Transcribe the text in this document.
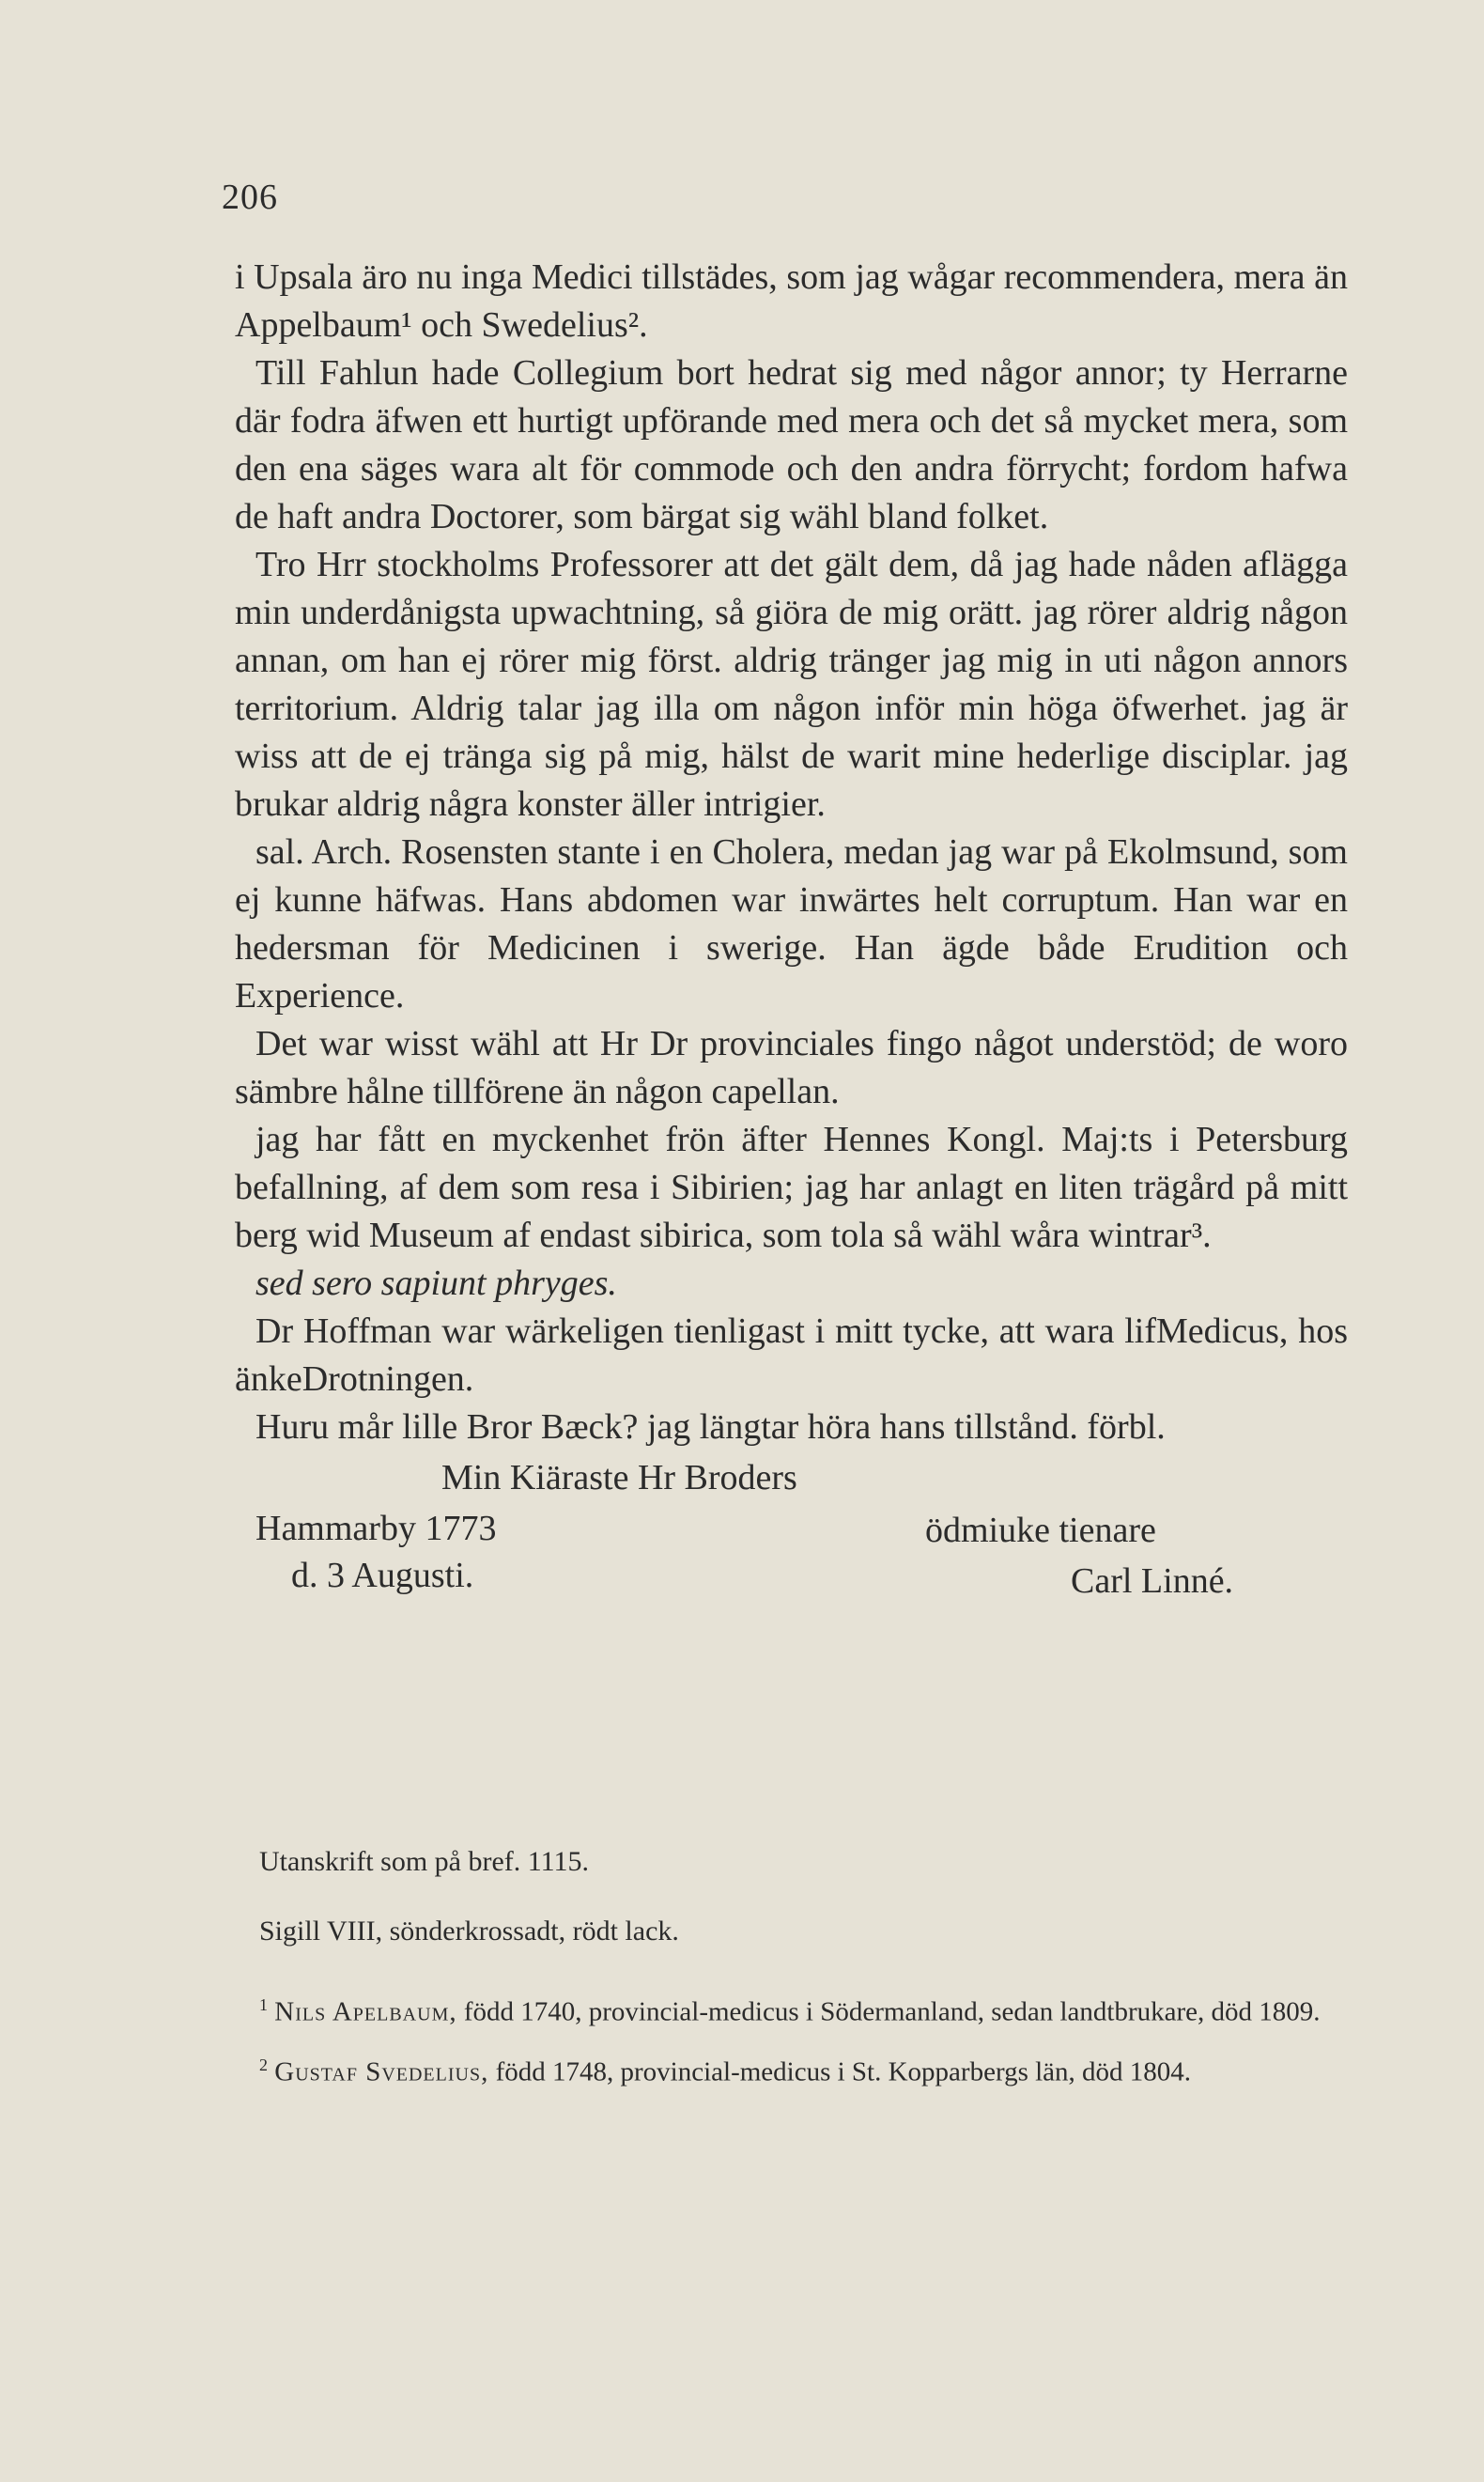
206

i Upsala äro nu inga Medici tillstädes, som jag wågar recommendera, mera än Appelbaum¹ och Swedelius².

Till Fahlun hade Collegium bort hedrat sig med någor annor; ty Herrarne där fodra äfwen ett hurtigt upförande med mera och det så mycket mera, som den ena säges wara alt för commode och den andra förrycht; fordom hafwa de haft andra Doctorer, som bärgat sig wähl bland folket.

Tro Hrr stockholms Professorer att det gält dem, då jag hade nåden aflägga min underdånigsta upwachtning, så giöra de mig orätt. jag rörer aldrig någon annan, om han ej rörer mig först. aldrig tränger jag mig in uti någon annors territorium. Aldrig talar jag illa om någon inför min höga öfwerhet. jag är wiss att de ej tränga sig på mig, hälst de warit mine hederlige disciplar. jag brukar aldrig några konster äller intrigier.

sal. Arch. Rosensten stante i en Cholera, medan jag war på Ekolmsund, som ej kunne häfwas. Hans abdomen war inwärtes helt corruptum. Han war en hedersman för Medicinen i swerige. Han ägde både Erudition och Experience.

Det war wisst wähl att Hr Dr provinciales fingo något understöd; de woro sämbre hålne tillförene än någon capellan.

jag har fått en myckenhet frön äfter Hennes Kongl. Maj:ts i Petersburg befallning, af dem som resa i Sibirien; jag har anlagt en liten trägård på mitt berg wid Museum af endast sibirica, som tola så wähl wåra wintrar³.

sed sero sapiunt phryges.

Dr Hoffman war wärkeligen tienligast i mitt tycke, att wara lifMedicus, hos änkeDrotningen.

Huru mår lille Bror Bæck? jag längtar höra hans tillstånd. förbl.

Min Kiäraste Hr Broders
Hammarby 1773
d. 3 Augusti.
ödmiuke tienare
Carl Linné.
Utanskrift som på bref. 1115.
Sigill VIII, sönderkrossadt, rödt lack.

$^1$ Nils Apelbaum, född 1740, provincial-medicus i Södermanland, sedan landtbrukare, död 1809.

$^2$ Gustaf Svedelius, född 1748, provincial-medicus i St. Kopparbergs län, död 1804.
